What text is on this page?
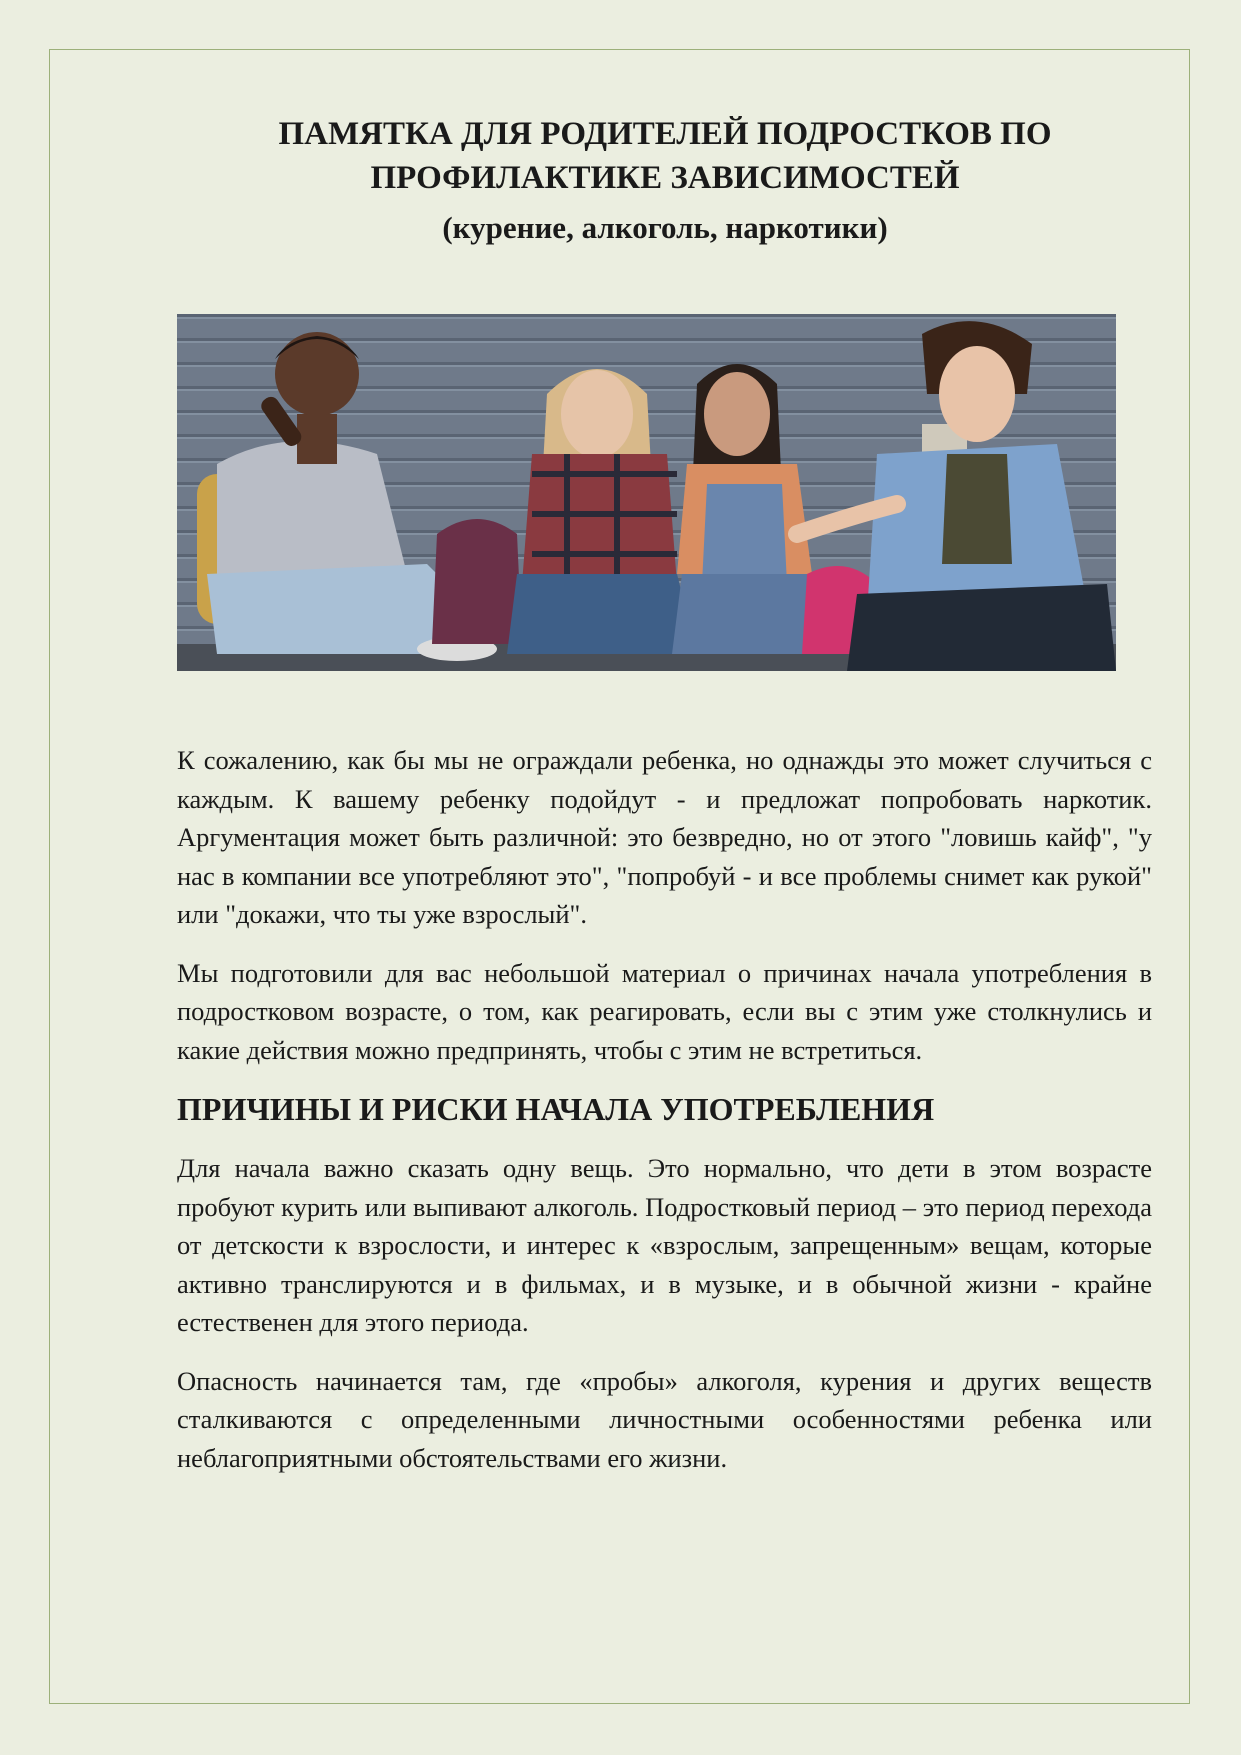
ПАМЯТКА ДЛЯ РОДИТЕЛЕЙ ПОДРОСТКОВ ПО
ПРОФИЛАКТИКЕ ЗАВИСИМОСТЕЙ
(курение, алкоголь, наркотики)

К сожалению, как бы мы не ограждали ребенка, но однажды это может случиться с каждым. К вашему ребенку подойдут - и предложат попробовать наркотик. Аргументация может быть различной: это безвредно, но от этого "ловишь кайф", "у нас в компании все употребляют это", "попробуй - и все проблемы снимет как рукой" или "докажи, что ты уже взрослый".

Мы подготовили для вас небольшой материал о причинах начала употребления в подростковом возрасте, о том, как реагировать, если вы с этим уже столкнулись и какие действия можно предпринять, чтобы с этим не встретиться.

ПРИЧИНЫ И РИСКИ НАЧАЛА УПОТРЕБЛЕНИЯ

Для начала важно сказать одну вещь. Это нормально, что дети в этом возрасте пробуют курить или выпивают алкоголь. Подростковый период – это период перехода от детскости к взрослости, и интерес к «взрослым, запрещенным» вещам, которые активно транслируются и в фильмах, и в музыке, и в обычной жизни - крайне естественен для этого периода.

Опасность начинается там, где «пробы» алкоголя, курения и других веществ сталкиваются с определенными личностными особенностями ребенка или неблагоприятными обстоятельствами его жизни.
